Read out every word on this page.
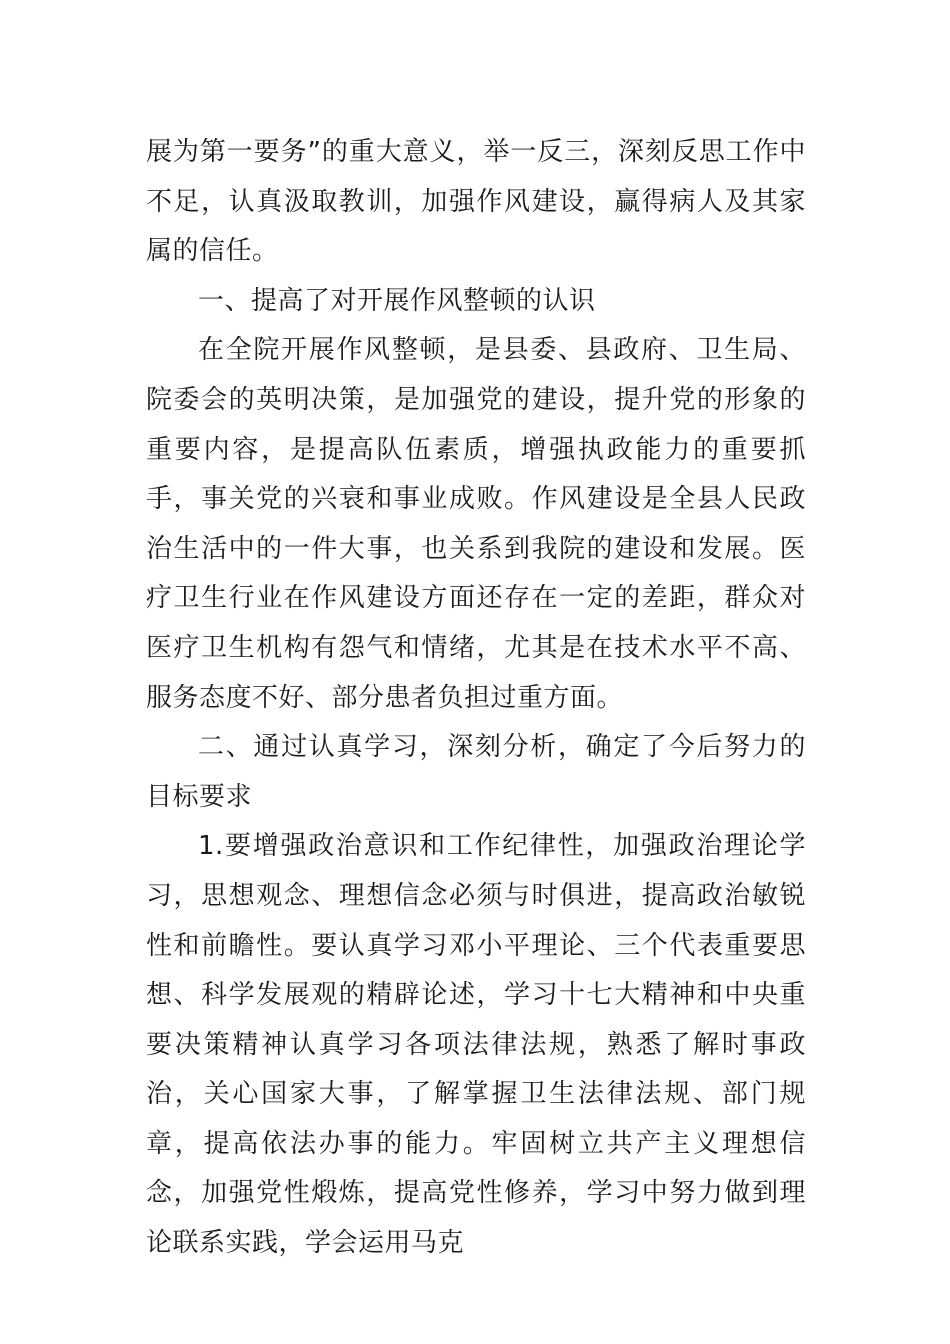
展为第一要务”的重大意义，举一反三，深刻反思工作中不足，认真汲取教训，加强作风建设，赢得病人及其家属的信任。

一、提高了对开展作风整顿的认识

在全院开展作风整顿，是县委、县政府、卫生局、院委会的英明决策，是加强党的建设，提升党的形象的重要内容，是提高队伍素质，增强执政能力的重要抓手，事关党的兴衰和事业成败。作风建设是全县人民政治生活中的一件大事，也关系到我院的建设和发展。医疗卫生行业在作风建设方面还存在一定的差距，群众对医疗卫生机构有怨气和情绪，尤其是在技术水平不高、服务态度不好、部分患者负担过重方面。

二、通过认真学习，深刻分析，确定了今后努力的目标要求

1.要增强政治意识和工作纪律性，加强政治理论学习，思想观念、理想信念必须与时俱进，提高政治敏锐性和前瞻性。要认真学习邓小平理论、三个代表重要思想、科学发展观的精辟论述，学习十七大精神和中央重要决策精神认真学习各项法律法规，熟悉了解时事政治，关心国家大事，了解掌握卫生法律法规、部门规章，提高依法办事的能力。牢固树立共产主义理想信念，加强党性煅炼，提高党性修养，学习中努力做到理论联系实践，学会运用马克
